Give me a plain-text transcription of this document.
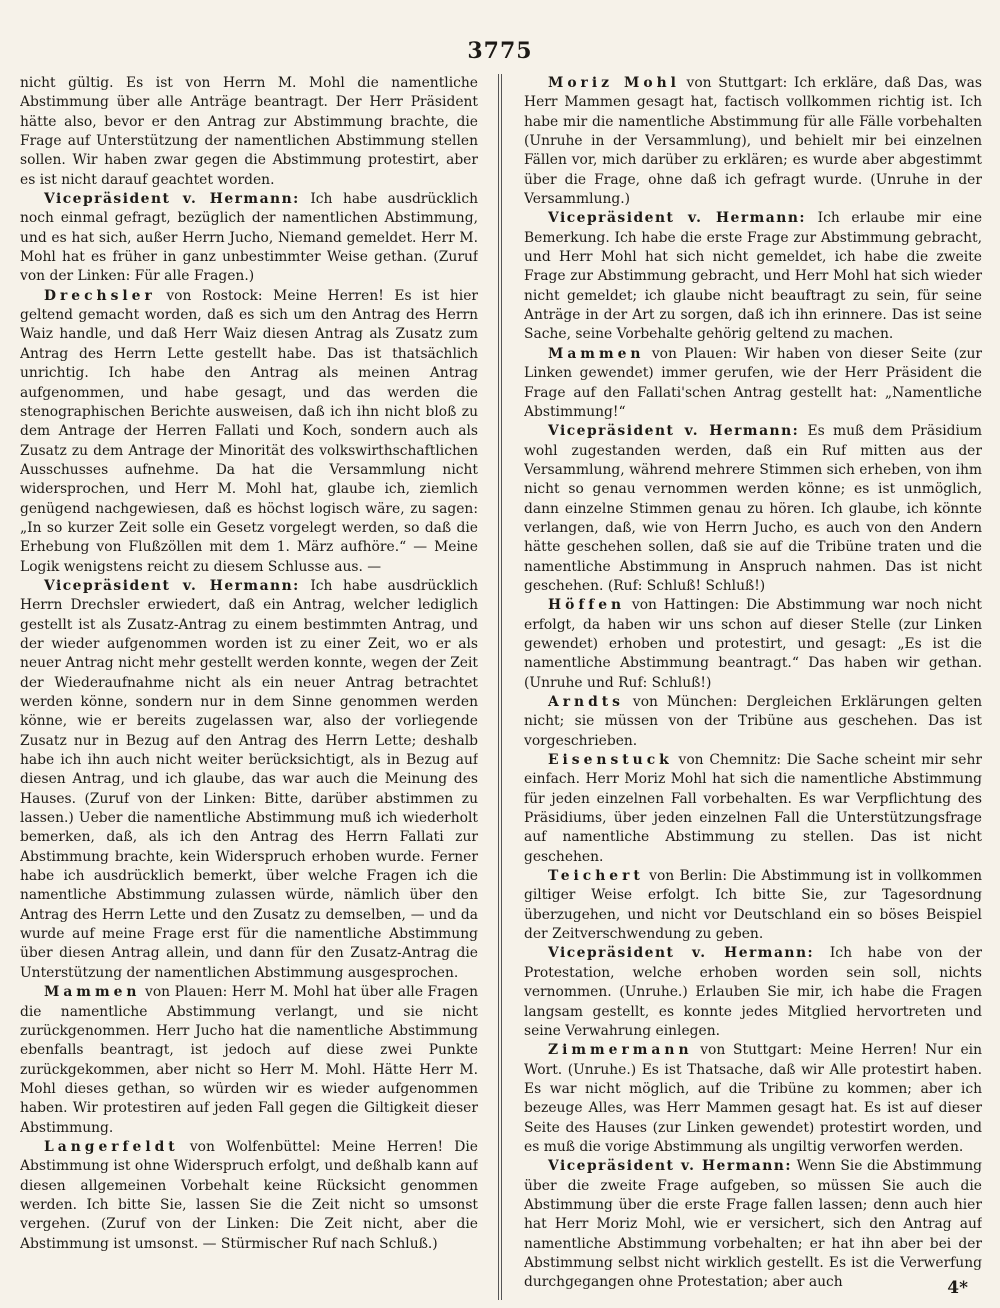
3775

nicht gültig. Es ist von Herrn M. Mohl die namentliche Abstimmung über alle Anträge beantragt. Der Herr Präsident hätte also, bevor er den Antrag zur Abstimmung brachte, die Frage auf Unterstützung der namentlichen Abstimmung stellen sollen. Wir haben zwar gegen die Abstimmung protestirt, aber es ist nicht darauf geachtet worden.

Vicepräsident v. Hermann: Ich habe ausdrücklich noch einmal gefragt, bezüglich der namentlichen Abstimmung, und es hat sich, außer Herrn Jucho, Niemand gemeldet. Herr M. Mohl hat es früher in ganz unbestimmter Weise gethan. (Zuruf von der Linken: Für alle Fragen.)

Drechsler von Rostock: Meine Herren! Es ist hier geltend gemacht worden, daß es sich um den Antrag des Herrn Waiz handle, und daß Herr Waiz diesen Antrag als Zusatz zum Antrag des Herrn Lette gestellt habe. Das ist thatsächlich unrichtig. Ich habe den Antrag als meinen Antrag aufgenommen, und habe gesagt, und das werden die stenographischen Berichte ausweisen, daß ich ihn nicht bloß zu dem Antrage der Herren Fallati und Koch, sondern auch als Zusatz zu dem Antrage der Minorität des volkswirthschaftlichen Ausschusses aufnehme. Da hat die Versammlung nicht widersprochen, und Herr M. Mohl hat, glaube ich, ziemlich genügend nachgewiesen, daß es höchst logisch wäre, zu sagen: „In so kurzer Zeit solle ein Gesetz vorgelegt werden, so daß die Erhebung von Flußzöllen mit dem 1. März aufhöre.“ — Meine Logik wenigstens reicht zu diesem Schlusse aus. —

Vicepräsident v. Hermann: Ich habe ausdrücklich Herrn Drechsler erwiedert, daß ein Antrag, welcher lediglich gestellt ist als Zusatz-Antrag zu einem bestimmten Antrag, und der wieder aufgenommen worden ist zu einer Zeit, wo er als neuer Antrag nicht mehr gestellt werden konnte, wegen der Zeit der Wiederaufnahme nicht als ein neuer Antrag betrachtet werden könne, sondern nur in dem Sinne genommen werden könne, wie er bereits zugelassen war, also der vorliegende Zusatz nur in Bezug auf den Antrag des Herrn Lette; deshalb habe ich ihn auch nicht weiter berücksichtigt, als in Bezug auf diesen Antrag, und ich glaube, das war auch die Meinung des Hauses. (Zuruf von der Linken: Bitte, darüber abstimmen zu lassen.) Ueber die namentliche Abstimmung muß ich wiederholt bemerken, daß, als ich den Antrag des Herrn Fallati zur Abstimmung brachte, kein Widerspruch erhoben wurde. Ferner habe ich ausdrücklich bemerkt, über welche Fragen ich die namentliche Abstimmung zulassen würde, nämlich über den Antrag des Herrn Lette und den Zusatz zu demselben, — und da wurde auf meine Frage erst für die namentliche Abstimmung über diesen Antrag allein, und dann für den Zusatz-Antrag die Unterstützung der namentlichen Abstimmung ausgesprochen.

Mammen von Plauen: Herr M. Mohl hat über alle Fragen die namentliche Abstimmung verlangt, und sie nicht zurückgenommen. Herr Jucho hat die namentliche Abstimmung ebenfalls beantragt, ist jedoch auf diese zwei Punkte zurückgekommen, aber nicht so Herr M. Mohl. Hätte Herr M. Mohl dieses gethan, so würden wir es wieder aufgenommen haben. Wir protestiren auf jeden Fall gegen die Giltigkeit dieser Abstimmung.

Langerfeldt von Wolfenbüttel: Meine Herren! Die Abstimmung ist ohne Widerspruch erfolgt, und deßhalb kann auf diesen allgemeinen Vorbehalt keine Rücksicht genommen werden. Ich bitte Sie, lassen Sie die Zeit nicht so umsonst vergehen. (Zuruf von der Linken: Die Zeit nicht, aber die Abstimmung ist umsonst. — Stürmischer Ruf nach Schluß.)

Moriz Mohl von Stuttgart: Ich erkläre, daß Das, was Herr Mammen gesagt hat, factisch vollkommen richtig ist. Ich habe mir die namentliche Abstimmung für alle Fälle vorbehalten (Unruhe in der Versammlung), und behielt mir bei einzelnen Fällen vor, mich darüber zu erklären; es wurde aber abgestimmt über die Frage, ohne daß ich gefragt wurde. (Unruhe in der Versammlung.)

Vicepräsident v. Hermann: Ich erlaube mir eine Bemerkung. Ich habe die erste Frage zur Abstimmung gebracht, und Herr Mohl hat sich nicht gemeldet, ich habe die zweite Frage zur Abstimmung gebracht, und Herr Mohl hat sich wieder nicht gemeldet; ich glaube nicht beauftragt zu sein, für seine Anträge in der Art zu sorgen, daß ich ihn erinnere. Das ist seine Sache, seine Vorbehalte gehörig geltend zu machen.

Mammen von Plauen: Wir haben von dieser Seite (zur Linken gewendet) immer gerufen, wie der Herr Präsident die Frage auf den Fallati'schen Antrag gestellt hat: „Namentliche Abstimmung!“

Vicepräsident v. Hermann: Es muß dem Präsidium wohl zugestanden werden, daß ein Ruf mitten aus der Versammlung, während mehrere Stimmen sich erheben, von ihm nicht so genau vernommen werden könne; es ist unmöglich, dann einzelne Stimmen genau zu hören. Ich glaube, ich könnte verlangen, daß, wie von Herrn Jucho, es auch von den Andern hätte geschehen sollen, daß sie auf die Tribüne traten und die namentliche Abstimmung in Anspruch nahmen. Das ist nicht geschehen. (Ruf: Schluß! Schluß!)

Höffen von Hattingen: Die Abstimmung war noch nicht erfolgt, da haben wir uns schon auf dieser Stelle (zur Linken gewendet) erhoben und protestirt, und gesagt: „Es ist die namentliche Abstimmung beantragt.“ Das haben wir gethan. (Unruhe und Ruf: Schluß!)

Arndts von München: Dergleichen Erklärungen gelten nicht; sie müssen von der Tribüne aus geschehen. Das ist vorgeschrieben.

Eisenstuck von Chemnitz: Die Sache scheint mir sehr einfach. Herr Moriz Mohl hat sich die namentliche Abstimmung für jeden einzelnen Fall vorbehalten. Es war Verpflichtung des Präsidiums, über jeden einzelnen Fall die Unterstützungsfrage auf namentliche Abstimmung zu stellen. Das ist nicht geschehen.

Teichert von Berlin: Die Abstimmung ist in vollkommen giltiger Weise erfolgt. Ich bitte Sie, zur Tagesordnung überzugehen, und nicht vor Deutschland ein so böses Beispiel der Zeitverschwendung zu geben.

Vicepräsident v. Hermann: Ich habe von der Protestation, welche erhoben worden sein soll, nichts vernommen. (Unruhe.) Erlauben Sie mir, ich habe die Fragen langsam gestellt, es konnte jedes Mitglied hervortreten und seine Verwahrung einlegen.

Zimmermann von Stuttgart: Meine Herren! Nur ein Wort. (Unruhe.) Es ist Thatsache, daß wir Alle protestirt haben. Es war nicht möglich, auf die Tribüne zu kommen; aber ich bezeuge Alles, was Herr Mammen gesagt hat. Es ist auf dieser Seite des Hauses (zur Linken gewendet) protestirt worden, und es muß die vorige Abstimmung als ungiltig verworfen werden.

Vicepräsident v. Hermann: Wenn Sie die Abstimmung über die zweite Frage aufgeben, so müssen Sie auch die Abstimmung über die erste Frage fallen lassen; denn auch hier hat Herr Moriz Mohl, wie er versichert, sich den Antrag auf namentliche Abstimmung vorbehalten; er hat ihn aber bei der Abstimmung selbst nicht wirklich gestellt. Es ist die Verwerfung durchgegangen ohne Protestation; aber auch	4*
